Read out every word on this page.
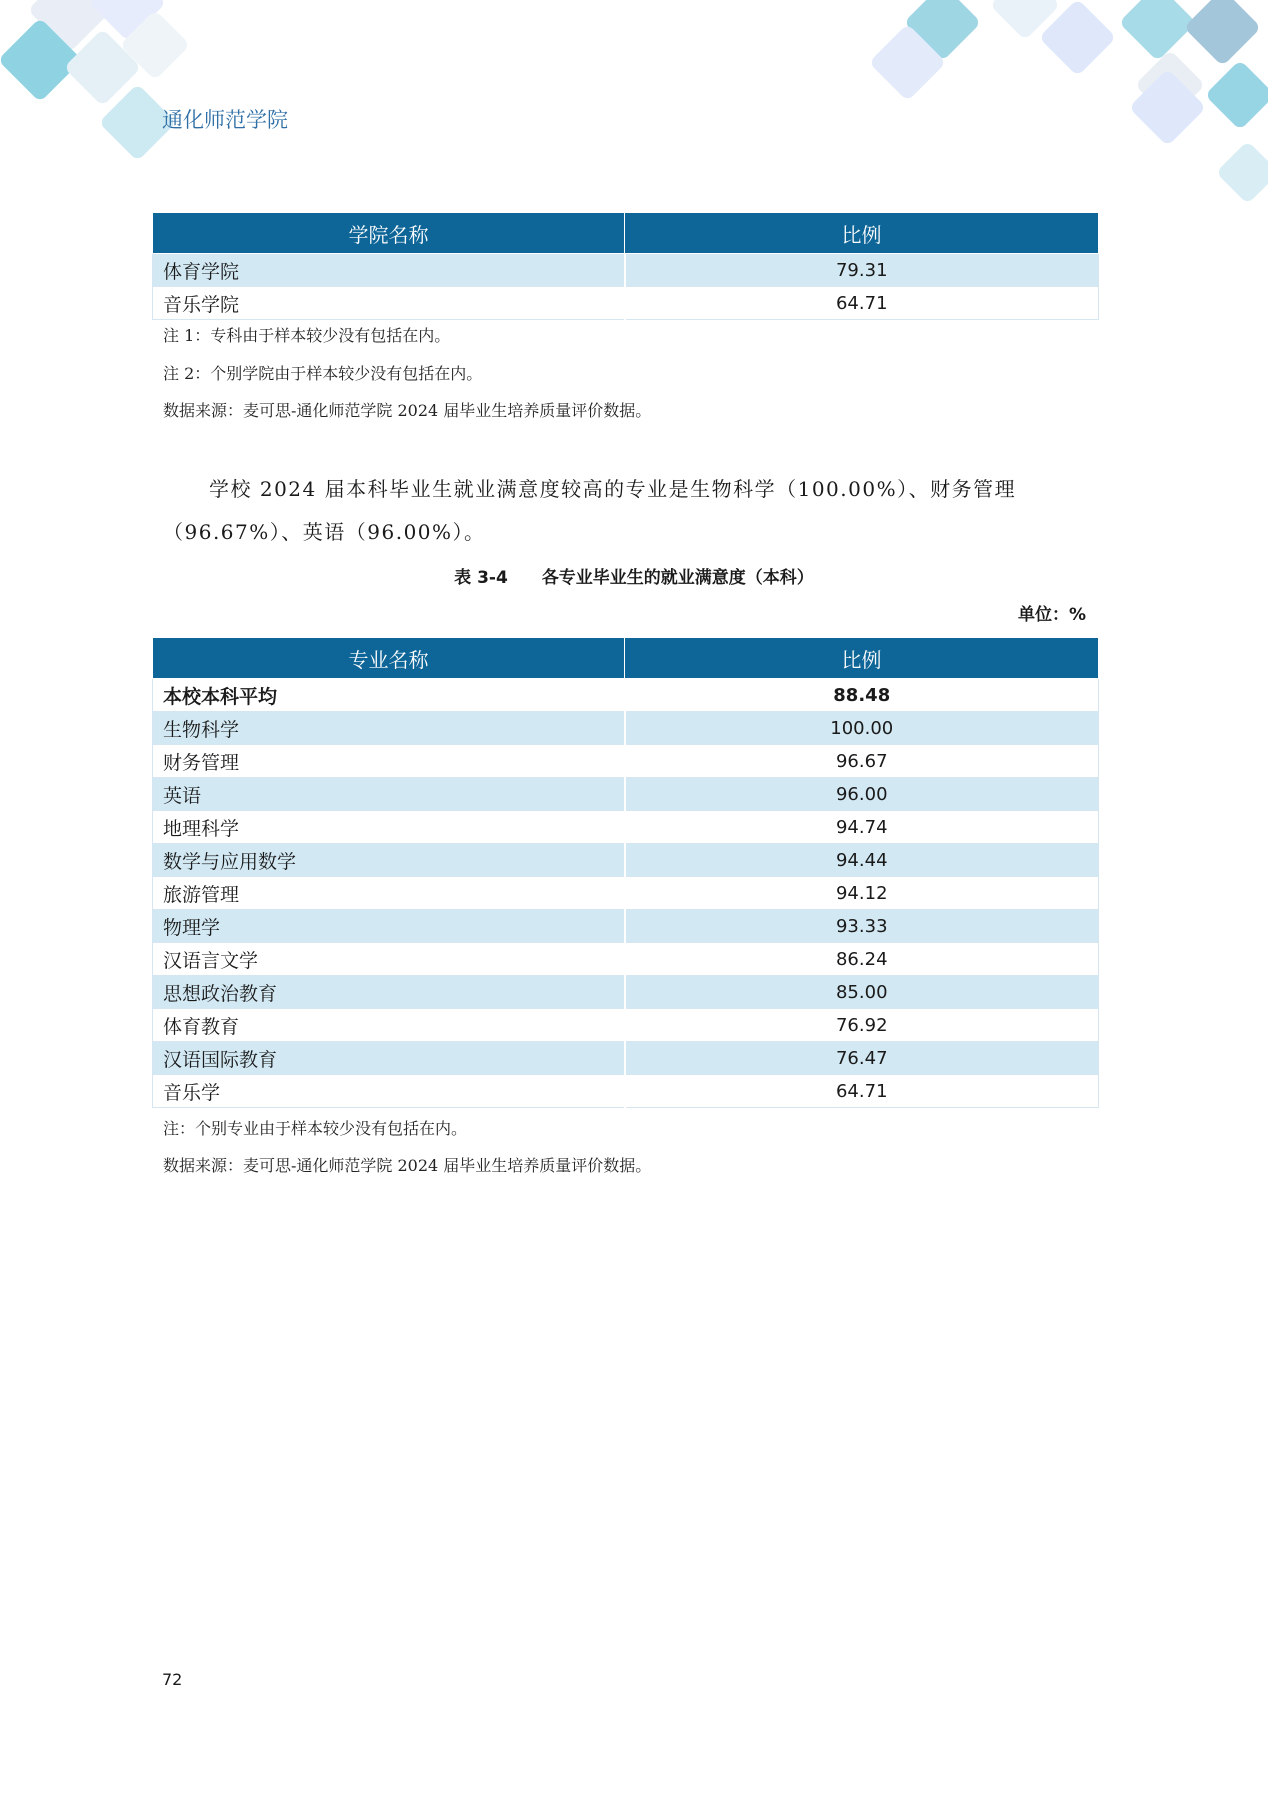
通化师范学院
学院名称	比例
体育学院	79.31
音乐学院	64.71
注 1：专科由于样本较少没有包括在内。
注 2：个别学院由于样本较少没有包括在内。
数据来源：麦可思-通化师范学院 2024 届毕业生培养质量评价数据。
学校 2024 届本科毕业生就业满意度较高的专业是生物科学（100.00%）、财务管理（96.67%）、英语（96.00%）。
表 3-4　　各专业毕业生的就业满意度（本科）
单位：%
专业名称	比例
本校本科平均	88.48
生物科学	100.00
财务管理	96.67
英语	96.00
地理科学	94.74
数学与应用数学	94.44
旅游管理	94.12
物理学	93.33
汉语言文学	86.24
思想政治教育	85.00
体育教育	76.92
汉语国际教育	76.47
音乐学	64.71
注：个别专业由于样本较少没有包括在内。
数据来源：麦可思-通化师范学院 2024 届毕业生培养质量评价数据。
72
